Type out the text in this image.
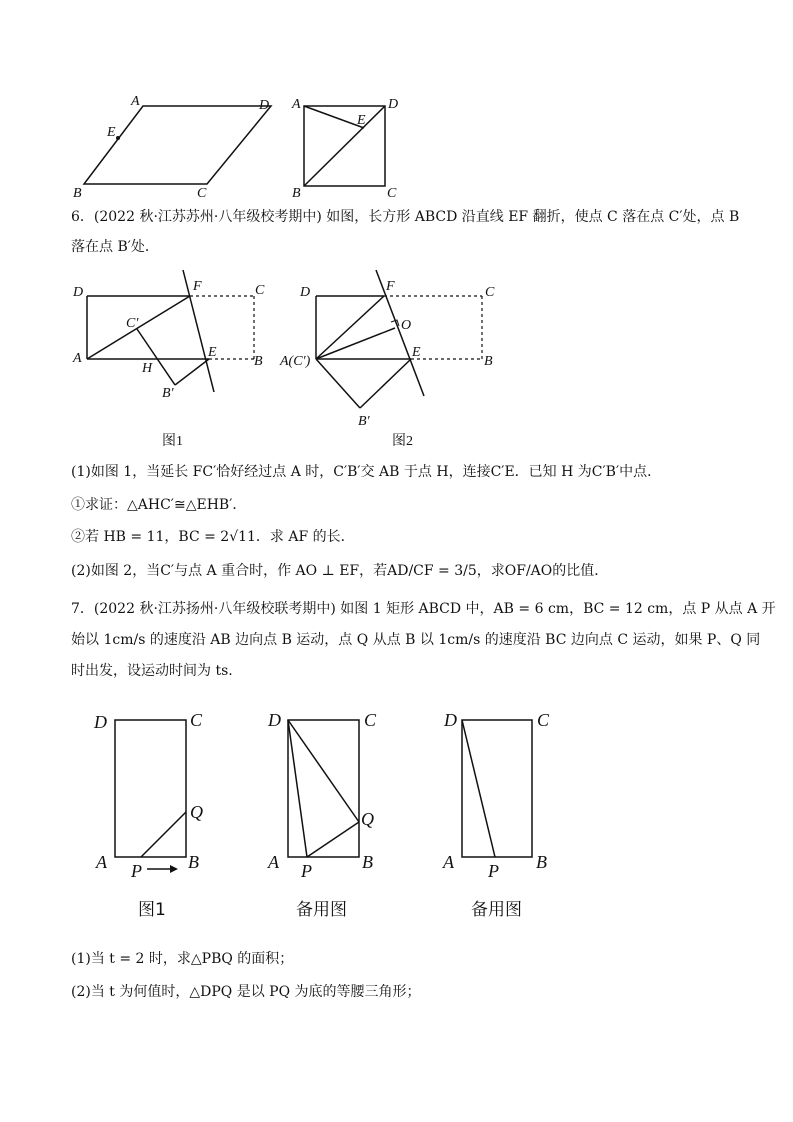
A	D
E
B	C
A	D
E
B	C
6．(2022 秋·江苏苏州·八年级校考期中) 如图，长方形 ABCD 沿直线 EF 翻折，使点 C 落在点 C′处，点 B
落在点 B′处．
D	F	C
C′
A	E
B
H
B′
图1
D	F	C
O
A(C′)
E
B
B′
图2
(1)如图 1，当延长 FC′恰好经过点 A 时，C′B′交 AB 于点 H，连接C′E．已知 H 为C′B′中点．
①求证：△AHC′≅△EHB′．
②若 HB = 11，BC = 2√11．求 AF 的长．
(2)如图 2，当C′与点 A 重合时，作 AO ⊥ EF，若AD/CF = 3/5，求OF/AO的比值．
7．(2022 秋·江苏扬州·八年级校联考期中) 如图 1 矩形 ABCD 中，AB = 6 cm，BC = 12 cm，点 P 从点 A 开
始以 1cm/s 的速度沿 AB 边向点 B 运动，点 Q 从点 B 以 1cm/s 的速度沿 BC 边向点 C 运动，如果 P、Q 同
时出发，设运动时间为 ts.
D	C
Q
A	B
P
图1
D	C
Q
A	B
P
备用图
D	C
A	B
P
备用图
(1)当 t = 2 时，求△PBQ 的面积；
(2)当 t 为何值时，△DPQ 是以 PQ 为底的等腰三角形；
